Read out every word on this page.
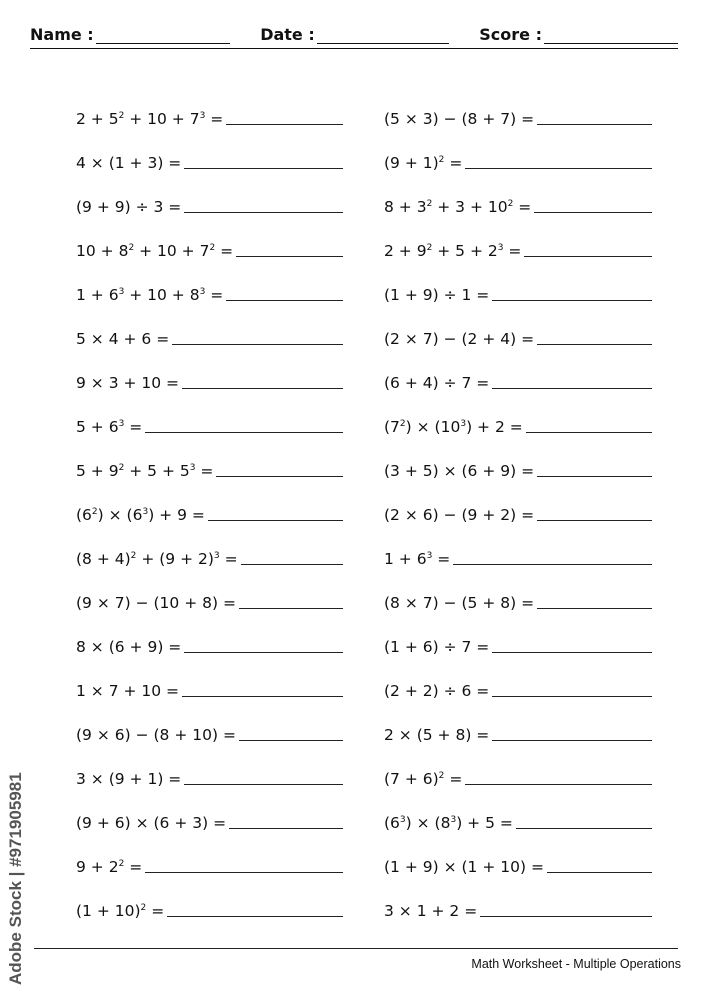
Name :	Date :	Score :
$2 + 5^2 + 10 + 7^3$ =
4 × (1 + 3) =
(9 + 9) ÷ 3 =
$10 + 8^2 + 10 + 7^2$ =
$1 + 6^3 + 10 + 8^3$ =
5 × 4 + 6 =
9 × 3 + 10 =
$5 + 6^3$ =
$5 + 9^2 + 5 + 5^3$ =
$(6^2) \times (6^3) + 9$ =
$(8 + 4)^2 + (9 + 2)^3$ =
(9 × 7) − (10 + 8) =
8 × (6 + 9) =
1 × 7 + 10 =
(9 × 6) − (8 + 10) =
3 × (9 + 1) =
(9 + 6) × (6 + 3) =
$9 + 2^2$ =
$(1 + 10)^2$ =
(5 × 3) − (8 + 7) =
$(9 + 1)^2$ =
$8 + 3^2 + 3 + 10^2$ =
$2 + 9^2 + 5 + 2^3$ =
(1 + 9) ÷ 1 =
(2 × 7) − (2 + 4) =
(6 + 4) ÷ 7 =
$(7^2) \times (10^3) + 2$ =
(3 + 5) × (6 + 9) =
(2 × 6) − (9 + 2) =
$1 + 6^3$ =
(8 × 7) − (5 + 8) =
(1 + 6) ÷ 7 =
(2 + 2) ÷ 6 =
2 × (5 + 8) =
$(7 + 6)^2$ =
$(6^3) \times (8^3) + 5$ =
(1 + 9) × (1 + 10) =
3 × 1 + 2 =
Math Worksheet - Multiple Operations
Adobe Stock | #971905981
